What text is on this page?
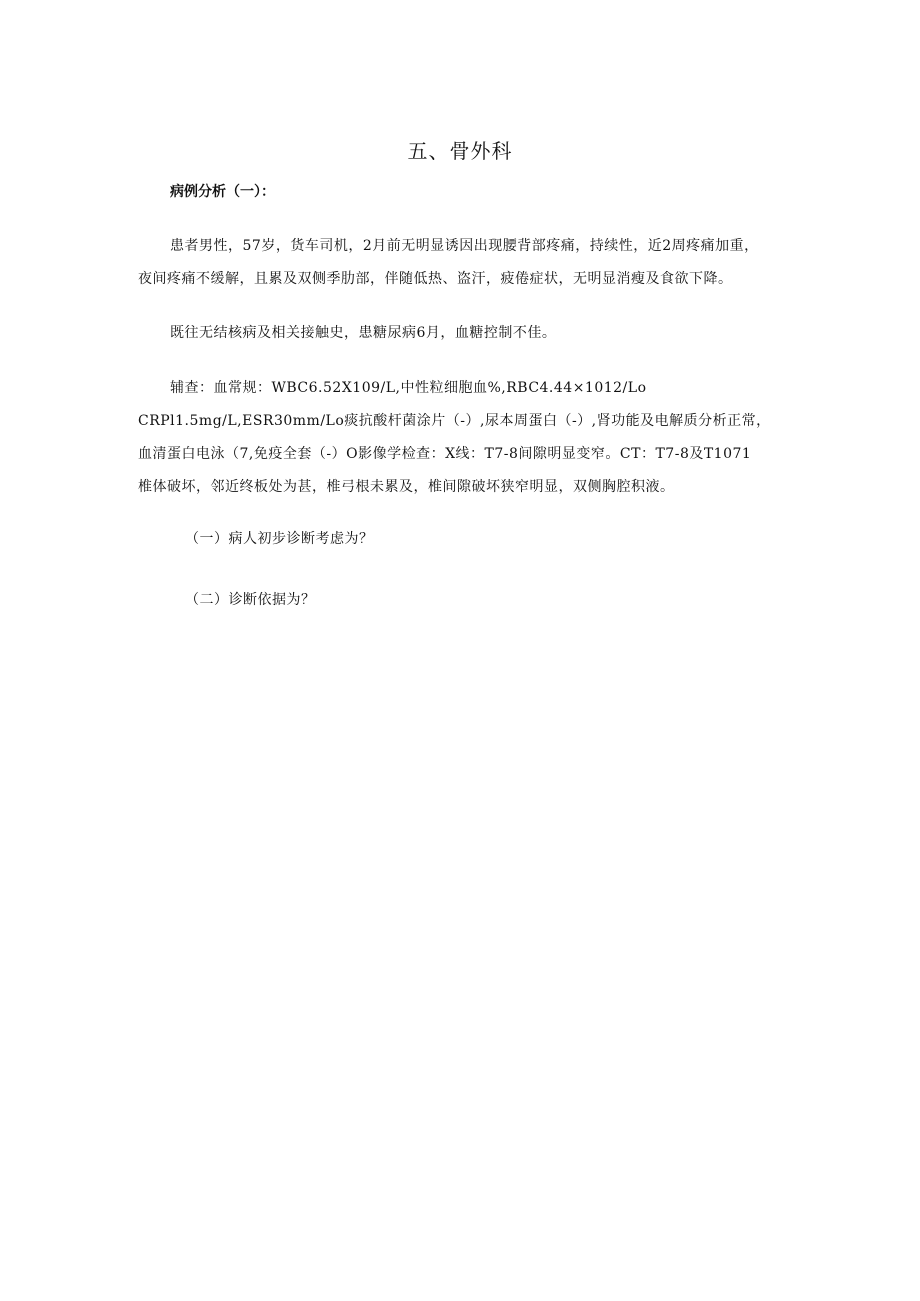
五、骨外科

病例分析（一）：

患者男性，57岁，货车司机，2月前无明显诱因出现腰背部疼痛，持续性，近2周疼痛加重，
夜间疼痛不缓解，且累及双侧季肋部，伴随低热、盗汗，疲倦症状，无明显消瘦及食欲下降。

既往无结核病及相关接触史，患糖尿病6月，血糖控制不佳。

辅查：血常规：WBC6.52X109/L,中性粒细胞血%,RBC4.44×1012/Lo
CRPl1.5mg/L,ESR30mm/Lo痰抗酸杆菌涂片（-）,尿本周蛋白（-）,肾功能及电解质分析正常，
血清蛋白电泳（7,免疫全套（-）O影像学检查：X线：T7-8间隙明显变窄。CT：T7-8及T1071
椎体破坏，邻近终板处为甚，椎弓根未累及，椎间隙破坏狭窄明显，双侧胸腔积液。

（一）病人初步诊断考虑为？

（二）诊断依据为？
